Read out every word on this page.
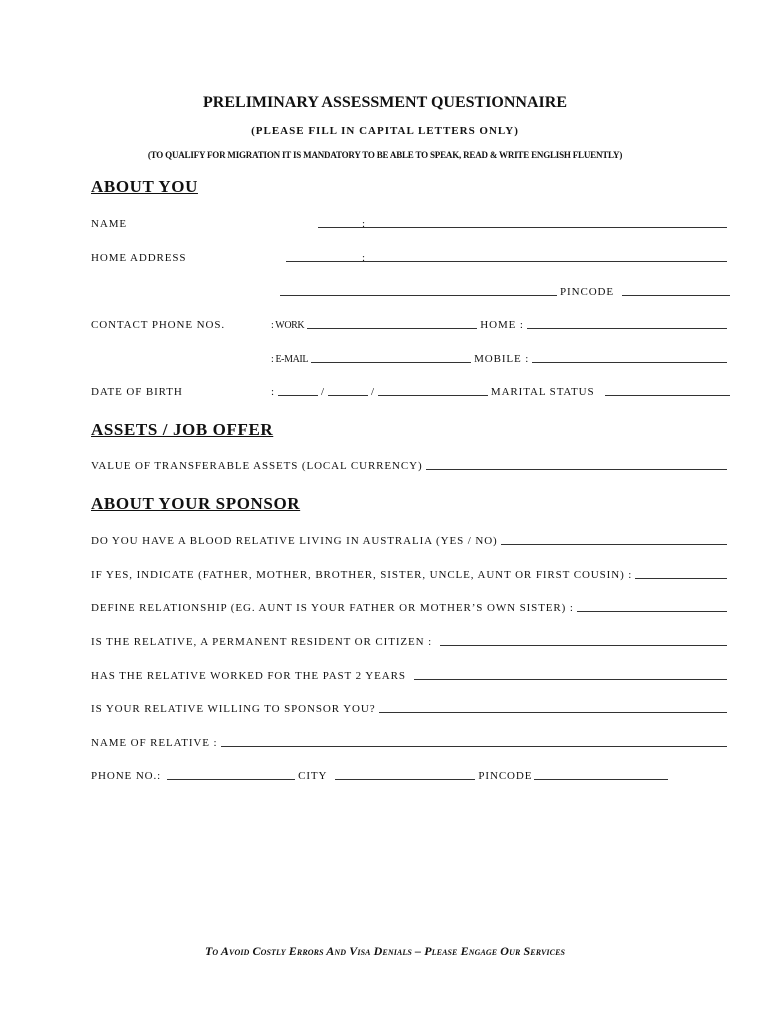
PRELIMINARY ASSESSMENT QUESTIONNAIRE
(PLEASE FILL IN CAPITAL LETTERS ONLY)
(TO QUALIFY FOR MIGRATION IT IS MANDATORY TO BE ABLE TO SPEAK, READ & WRITE ENGLISH FLUENTLY)
ABOUT YOU
NAME	:
HOME ADDRESS	:
PINCODE
CONTACT PHONE NOS.	: WORK	HOME :
: E-MAIL	MOBILE :
DATE OF BIRTH	:	/	/	MARITAL STATUS
ASSETS / JOB OFFER
VALUE OF TRANSFERABLE ASSETS (LOCAL CURRENCY)
ABOUT YOUR SPONSOR
DO YOU HAVE A BLOOD RELATIVE LIVING IN AUSTRALIA (YES / NO)
IF YES, INDICATE (FATHER, MOTHER, BROTHER, SISTER, UNCLE, AUNT OR FIRST COUSIN) :
DEFINE RELATIONSHIP (EG. AUNT IS YOUR FATHER OR MOTHER’S OWN SISTER) :
IS THE RELATIVE, A PERMANENT RESIDENT OR CITIZEN :
HAS THE RELATIVE WORKED FOR THE PAST 2 YEARS
IS YOUR RELATIVE WILLING TO SPONSOR YOU?
NAME OF RELATIVE :
PHONE NO.:	CITY	PINCODE
To Avoid Costly Errors And Visa Denials – Please Engage Our Services
